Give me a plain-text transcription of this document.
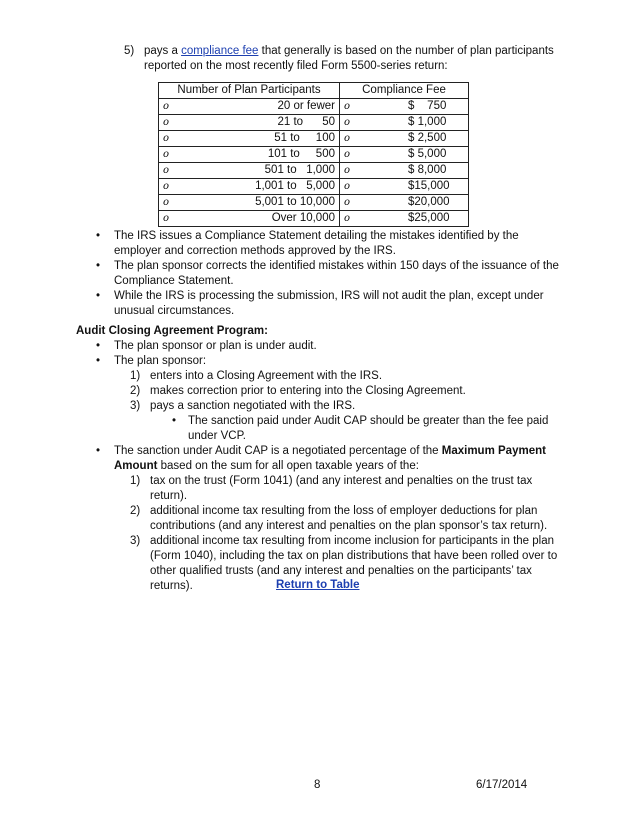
5) pays a compliance fee that generally is based on the number of plan participants
reported on the most recently filed Form 5500-series return:
Number of Plan Participants	Compliance Fee

o 20 or fewer	o $    750

o 21 to      50	o $ 1,000

o 51 to     100	o $ 2,500

o 101 to     500	o $ 5,000

o 501 to   1,000	o $ 8,000

o 1,001 to   5,000	o $15,000

o 5,001 to 10,000	o $20,000

o Over 10,000	o $25,000
• The IRS issues a Compliance Statement detailing the mistakes identified by the
employer and correction methods approved by the IRS.
• The plan sponsor corrects the identified mistakes within 150 days of the issuance of the
Compliance Statement.
• While the IRS is processing the submission, IRS will not audit the plan, except under
unusual circumstances.
Audit Closing Agreement Program:
• The plan sponsor or plan is under audit.
• The plan sponsor:
1) enters into a Closing Agreement with the IRS.
2) makes correction prior to entering into the Closing Agreement.
3) pays a sanction negotiated with the IRS.
• The sanction paid under Audit CAP should be greater than the fee paid
under VCP.
• The sanction under Audit CAP is a negotiated percentage of the Maximum Payment
Amount based on the sum for all open taxable years of the:
1) tax on the trust (Form 1041) (and any interest and penalties on the trust tax
return).
2) additional income tax resulting from the loss of employer deductions for plan
contributions (and any interest and penalties on the plan sponsor’s tax return).
3) additional income tax resulting from income inclusion for participants in the plan
(Form 1040), including the tax on plan distributions that have been rolled over to
other qualified trusts (and any interest and penalties on the participants’ tax
returns).	Return to Table
8	6/17/2014
